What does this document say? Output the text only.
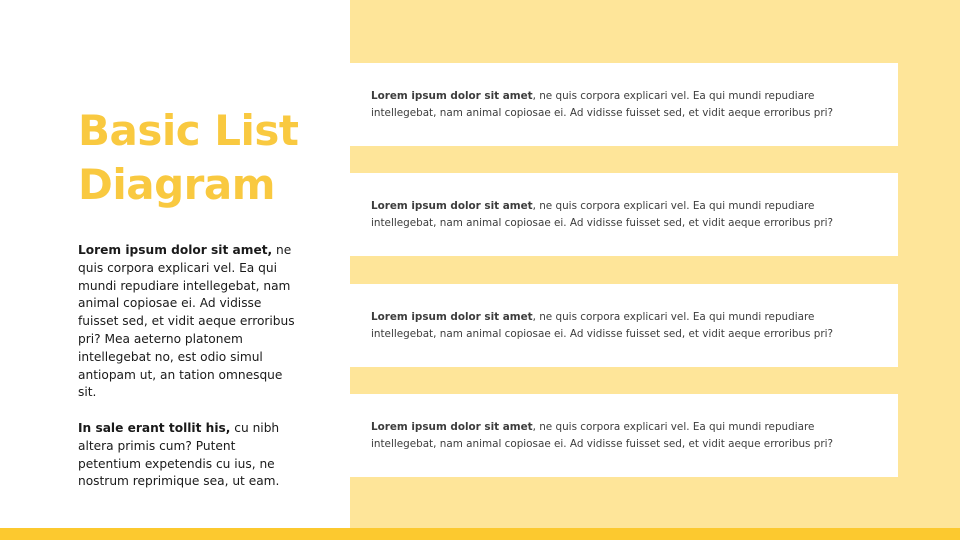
Basic List
Diagram

Lorem ipsum dolor sit amet, ne quis corpora explicari vel. Ea qui mundi repudiare intellegebat, nam animal copiosae ei. Ad vidisse fuisset sed, et vidit aeque erroribus pri? Mea aeterno platonem intellegebat no, est odio simul antiopam ut, an tation omnesque sit.

In sale erant tollit his, cu nibh altera primis cum? Putent petentium expetendis cu ius, ne nostrum reprimique sea, ut eam.

Lorem ipsum dolor sit amet, ne quis corpora explicari vel. Ea qui mundi repudiare intellegebat, nam animal copiosae ei. Ad vidisse fuisset sed, et vidit aeque erroribus pri?
Lorem ipsum dolor sit amet, ne quis corpora explicari vel. Ea qui mundi repudiare intellegebat, nam animal copiosae ei. Ad vidisse fuisset sed, et vidit aeque erroribus pri?
Lorem ipsum dolor sit amet, ne quis corpora explicari vel. Ea qui mundi repudiare intellegebat, nam animal copiosae ei. Ad vidisse fuisset sed, et vidit aeque erroribus pri?
Lorem ipsum dolor sit amet, ne quis corpora explicari vel. Ea qui mundi repudiare intellegebat, nam animal copiosae ei. Ad vidisse fuisset sed, et vidit aeque erroribus pri?
